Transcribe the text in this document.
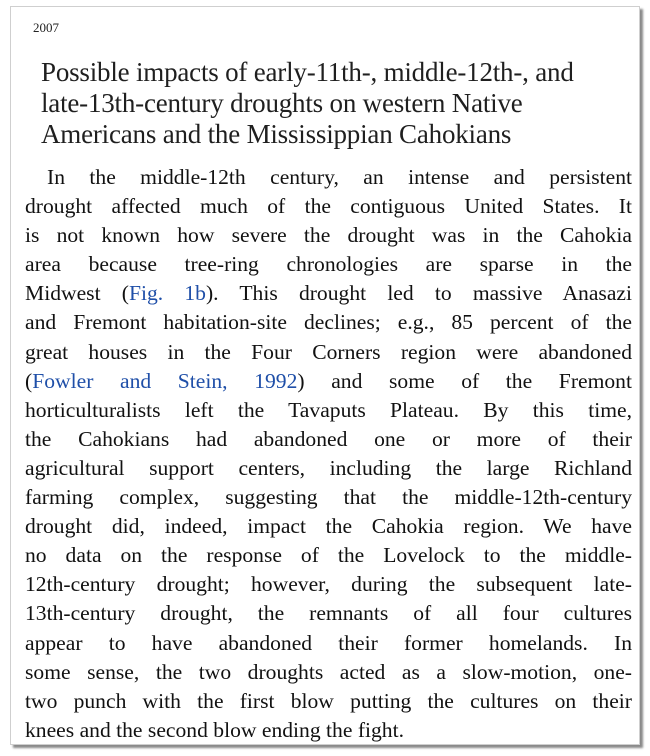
2007
Possible impacts of early-11th-, middle-12th-, and
late-13th-century droughts on western Native
Americans and the Mississippian Cahokians
In the middle-12th century, an intense and persistent
drought affected much of the contiguous United States. It
is not known how severe the drought was in the Cahokia
area because tree-ring chronologies are sparse in the
Midwest (Fig. 1b). This drought led to massive Anasazi
and Fremont habitation-site declines; e.g., 85 percent of the
great houses in the Four Corners region were abandoned
(Fowler and Stein, 1992) and some of the Fremont
horticulturalists left the Tavaputs Plateau. By this time,
the Cahokians had abandoned one or more of their
agricultural support centers, including the large Richland
farming complex, suggesting that the middle-12th-century
drought did, indeed, impact the Cahokia region. We have
no data on the response of the Lovelock to the middle-
12th-century drought; however, during the subsequent late-
13th-century drought, the remnants of all four cultures
appear to have abandoned their former homelands. In
some sense, the two droughts acted as a slow-motion, one-
two punch with the first blow putting the cultures on their
knees and the second blow ending the fight.
